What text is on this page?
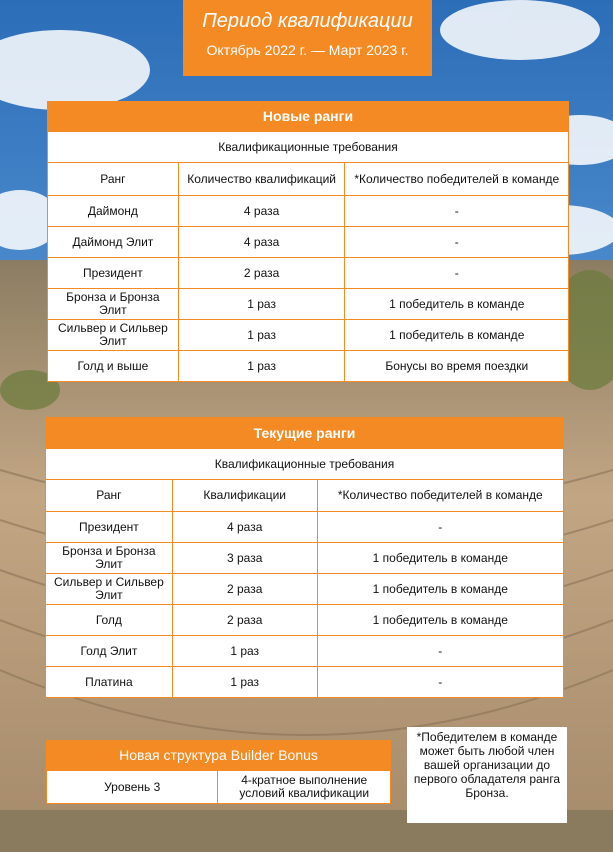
Период квалификации
Октябрь 2022 г. — Март 2023 г.
Новые ранги		
Квалификационные требования		
Ранг	Количество квалификаций	*Количество победителей в команде
Даймонд	4 раза	-
Даймонд Элит	4 раза	-
Президент	2 раза	-
Бронза и Бронза Элит	1 раз	1 победитель в команде
Сильвер и Сильвер Элит	1 раз	1 победитель в команде
Голд и выше	1 раз	Бонусы во время поездки
Текущие ранги		
Квалификационные требования		
Ранг	Квалификации	*Количество победителей в команде
Президент	4 раза	-
Бронза и Бронза Элит	3 раза	1 победитель в команде
Сильвер и Сильвер Элит	2 раза	1 победитель в команде
Голд	2 раза	1 победитель в команде
Голд Элит	1 раз	-
Платина	1 раз	-
Новая структура Builder Bonus
Уровень 3	4-кратное выполнение условий квалификации
*Победителем в команде может быть любой член вашей организации до первого обладателя ранга Бронза.
